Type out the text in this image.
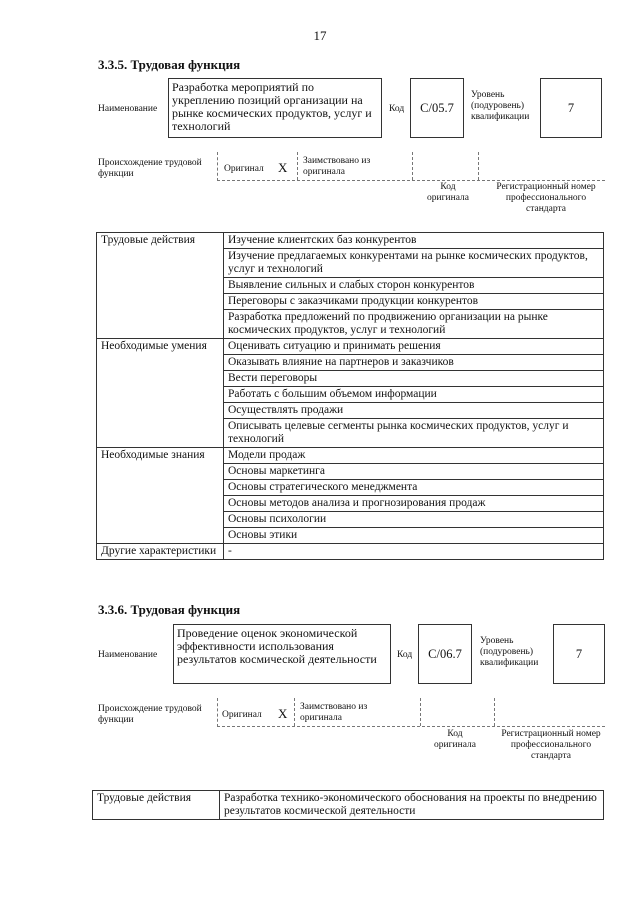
17
3.3.5. Трудовая функция
Наименование
Разработка мероприятий по укреплению позиций организации на рынке космических продуктов, услуг и технологий
Код	С/05.7
Уровень (подуровень) квалификации
7
Происхождение трудовой функции	Оригинал X Заимствовано из оригинала
Код оригинала
Регистрационный номер профессионального стандарта
Трудовые действия	Изучение клиентских баз конкурентов
	Изучение предлагаемых конкурентами на рынке космических продуктов, услуг и технологий
	Выявление сильных и слабых сторон конкурентов
	Переговоры с заказчиками продукции конкурентов
	Разработка предложений по продвижению организации на рынке космических продуктов, услуг и технологий
Необходимые умения	Оценивать ситуацию и принимать решения
	Оказывать влияние на партнеров и заказчиков
	Вести переговоры
	Работать с большим объемом информации
	Осуществлять продажи
	Описывать целевые сегменты рынка космических продуктов, услуг и технологий
Необходимые знания	Модели продаж
	Основы маркетинга
	Основы стратегического менеджмента
	Основы методов анализа и прогнозирования продаж
	Основы психологии
	Основы этики
Другие характеристики	-
3.3.6. Трудовая функция
Наименование
Проведение оценок экономической эффективности использования результатов космической деятельности	Код	С/06.7
Уровень (подуровень) квалификации
7
Происхождение трудовой функции	Оригинал X Заимствовано из оригинала
Код оригинала
Регистрационный номер профессионального стандарта
Трудовые действия	Разработка технико-экономического обоснования на проекты по внедрению результатов космической деятельности
